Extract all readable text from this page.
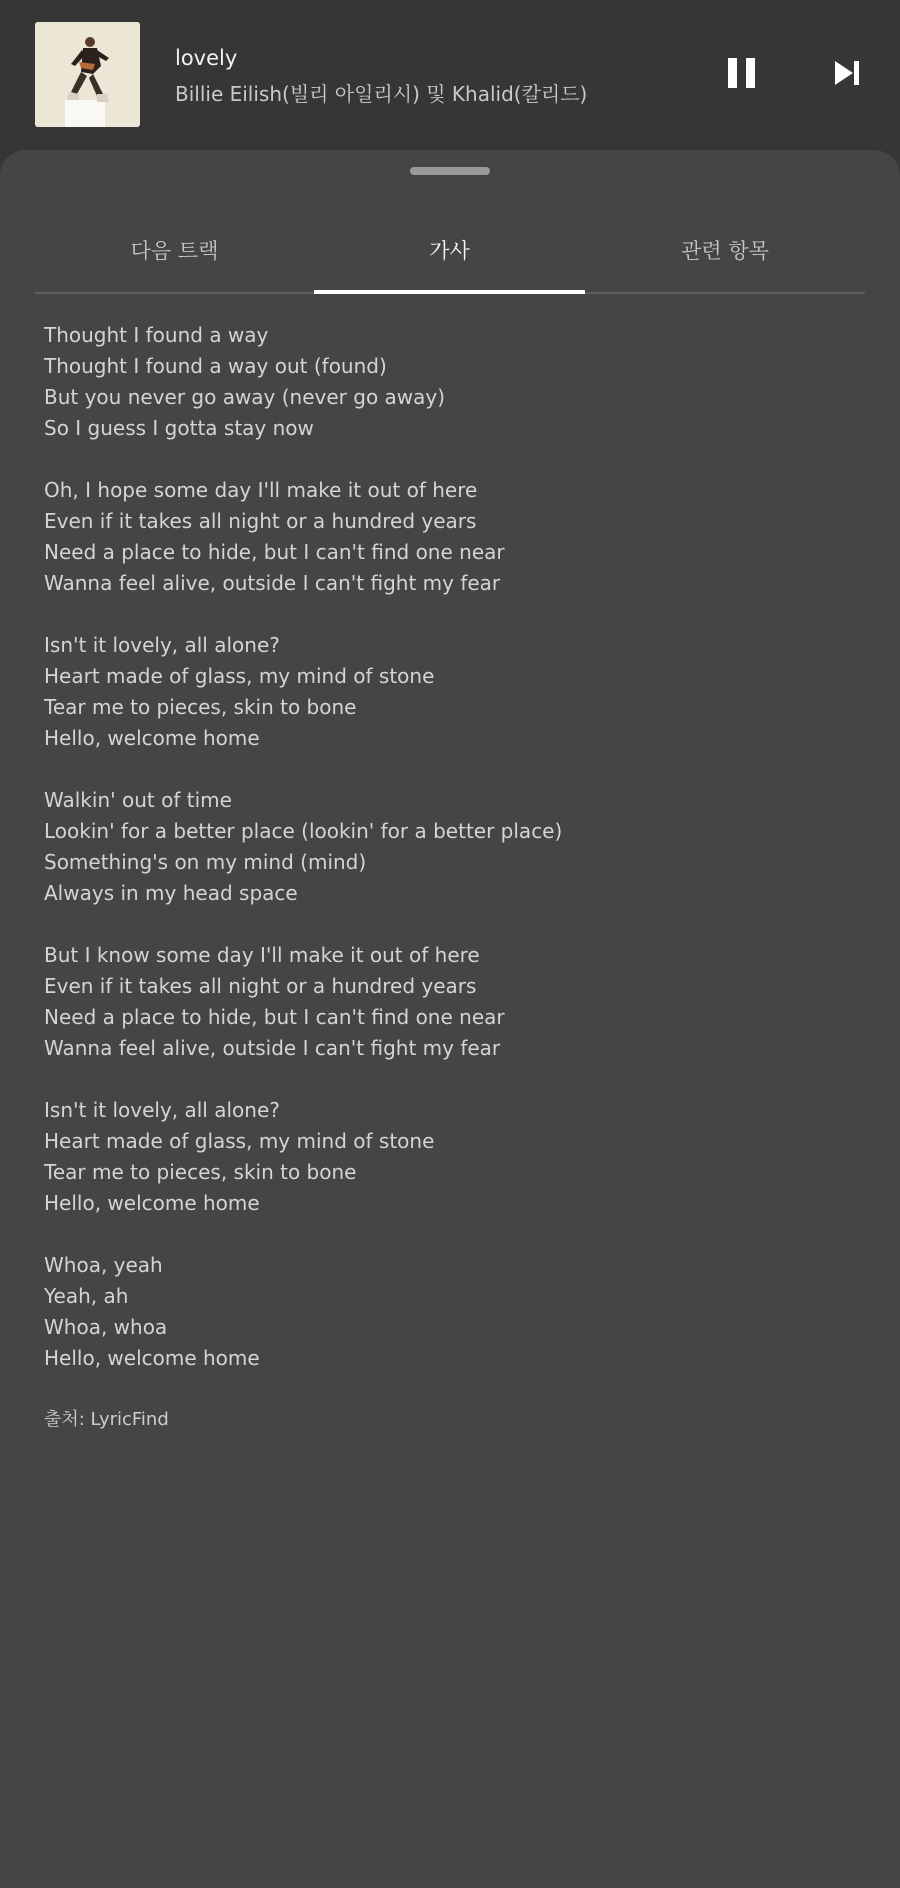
lovely
Billie Eilish(빌리 아일리시) 및 Khalid(칼리드)
다음 트랙	가사	관련 항목
Thought I found a way
Thought I found a way out (found)
But you never go away (never go away)
So I guess I gotta stay now
Oh, I hope some day I'll make it out of here
Even if it takes all night or a hundred years
Need a place to hide, but I can't find one near
Wanna feel alive, outside I can't fight my fear
Isn't it lovely, all alone?
Heart made of glass, my mind of stone
Tear me to pieces, skin to bone
Hello, welcome home
Walkin' out of time
Lookin' for a better place (lookin' for a better place)
Something's on my mind (mind)
Always in my head space
But I know some day I'll make it out of here
Even if it takes all night or a hundred years
Need a place to hide, but I can't find one near
Wanna feel alive, outside I can't fight my fear
Isn't it lovely, all alone?
Heart made of glass, my mind of stone
Tear me to pieces, skin to bone
Hello, welcome home
Whoa, yeah
Yeah, ah
Whoa, whoa
Hello, welcome home
출처: LyricFind
